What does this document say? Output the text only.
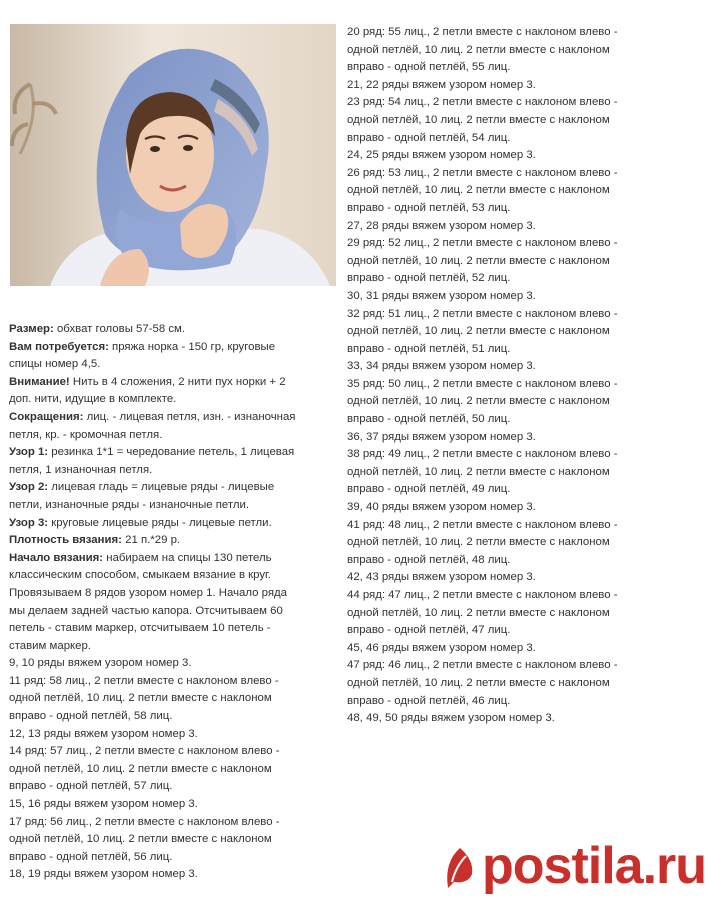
Размер: обхват головы 57-58 см.

Вам потребуется: пряжа норка - 150 гр, круговые

спицы номер 4,5.

Внимание! Нить в 4 сложения, 2 нити пух норки + 2

доп. нити, идущие в комплекте.

Сокращения: лиц. - лицевая петля, изн. - изнаночная

петля, кр. - кромочная петля.

Узор 1: резинка 1*1 = чередование петель, 1 лицевая

петля, 1 изнаночная петля.

Узор 2: лицевая гладь = лицевые ряды - лицевые

петли, изнаночные ряды - изнаночные петли.

Узор 3: круговые лицевые ряды - лицевые петли.

Плотность вязания: 21 п.*29 р.

Начало вязания: набираем на спицы 130 петель

классическим способом, смыкаем вязание в круг.

Провязываем 8 рядов узором номер 1. Начало ряда

мы делаем задней частью капора. Отсчитываем 60

петель - ставим маркер, отсчитываем 10 петель -

ставим маркер.

9, 10 ряды вяжем узором номер 3.

11 ряд: 58 лиц., 2 петли вместе с наклоном влево -

одной петлёй, 10 лиц. 2 петли вместе с наклоном

вправо - одной петлёй, 58 лиц.

12, 13 ряды вяжем узором номер 3.

14 ряд: 57 лиц., 2 петли вместе с наклоном влево -

одной петлёй, 10 лиц. 2 петли вместе с наклоном

вправо - одной петлёй, 57 лиц.

15, 16 ряды вяжем узором номер 3.

17 ряд: 56 лиц., 2 петли вместе с наклоном влево -

одной петлёй, 10 лиц. 2 петли вместе с наклоном

вправо - одной петлёй, 56 лиц.

18, 19 ряды вяжем узором номер 3.

20 ряд: 55 лиц., 2 петли вместе с наклоном влево -

одной петлёй, 10 лиц. 2 петли вместе с наклоном

вправо - одной петлёй, 55 лиц.

21, 22 ряды вяжем узором номер 3.

23 ряд: 54 лиц., 2 петли вместе с наклоном влево -

одной петлёй, 10 лиц. 2 петли вместе с наклоном

вправо - одной петлёй, 54 лиц.

24, 25 ряды вяжем узором номер 3.

26 ряд: 53 лиц., 2 петли вместе с наклоном влево -

одной петлёй, 10 лиц. 2 петли вместе с наклоном

вправо - одной петлёй, 53 лиц.

27, 28 ряды вяжем узором номер 3.

29 ряд: 52 лиц., 2 петли вместе с наклоном влево -

одной петлёй, 10 лиц. 2 петли вместе с наклоном

вправо - одной петлёй, 52 лиц.

30, 31 ряды вяжем узором номер 3.

32 ряд: 51 лиц., 2 петли вместе с наклоном влево -

одной петлёй, 10 лиц. 2 петли вместе с наклоном

вправо - одной петлёй, 51 лиц.

33, 34 ряды вяжем узором номер 3.

35 ряд: 50 лиц., 2 петли вместе с наклоном влево -

одной петлёй, 10 лиц. 2 петли вместе с наклоном

вправо - одной петлёй, 50 лиц.

36, 37 ряды вяжем узором номер 3.

38 ряд: 49 лиц., 2 петли вместе с наклоном влево -

одной петлёй, 10 лиц. 2 петли вместе с наклоном

вправо - одной петлёй, 49 лиц.

39, 40 ряды вяжем узором номер 3.

41 ряд: 48 лиц., 2 петли вместе с наклоном влево -

одной петлёй, 10 лиц. 2 петли вместе с наклоном

вправо - одной петлёй, 48 лиц.

42, 43 ряды вяжем узором номер 3.

44 ряд: 47 лиц., 2 петли вместе с наклоном влево -

одной петлёй, 10 лиц. 2 петли вместе с наклоном

вправо - одной петлёй, 47 лиц.

45, 46 ряды вяжем узором номер 3.

47 ряд: 46 лиц., 2 петли вместе с наклоном влево -

одной петлёй, 10 лиц. 2 петли вместе с наклоном

вправо - одной петлёй, 46 лиц.

48, 49, 50 ряды вяжем узором номер 3.

postila.ru
